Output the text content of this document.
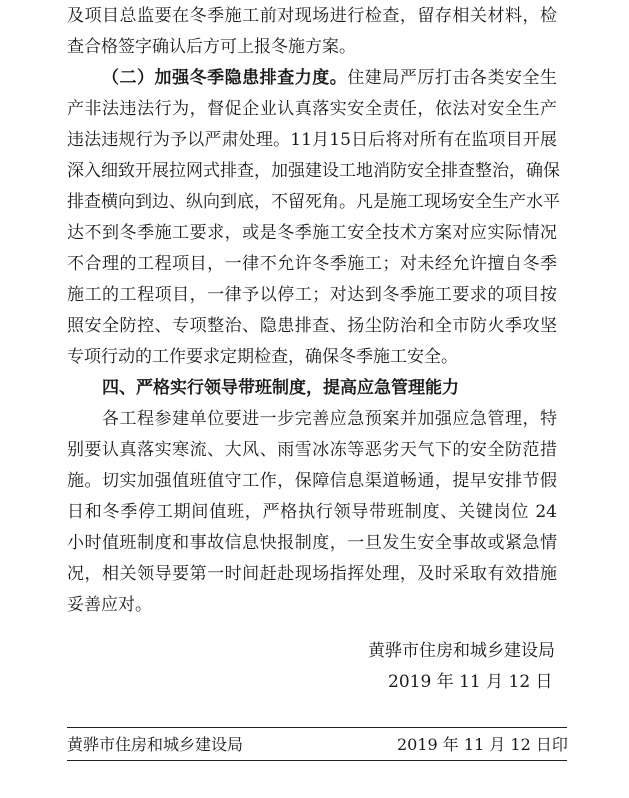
及项目总监要在冬季施工前对现场进行检查，留存相关材料，检
查合格签字确认后方可上报冬施方案。
（二）加强冬季隐患排查力度。住建局严厉打击各类安全生
产非法违法行为，督促企业认真落实安全责任，依法对安全生产
违法违规行为予以严肃处理。11月15日后将对所有在监项目开展
深入细致开展拉网式排查，加强建设工地消防安全排查整治，确保
排查横向到边、纵向到底，不留死角。凡是施工现场安全生产水平
达不到冬季施工要求，或是冬季施工安全技术方案对应实际情况
不合理的工程项目，一律不允许冬季施工；对未经允许擅自冬季
施工的工程项目，一律予以停工；对达到冬季施工要求的项目按
照安全防控、专项整治、隐患排查、扬尘防治和全市防火季攻坚
专项行动的工作要求定期检查，确保冬季施工安全。
四、严格实行领导带班制度，提高应急管理能力
各工程参建单位要进一步完善应急预案并加强应急管理，特
别要认真落实寒流、大风、雨雪冰冻等恶劣天气下的安全防范措
施。切实加强值班值守工作，保障信息渠道畅通，提早安排节假
日和冬季停工期间值班，严格执行领导带班制度、关键岗位 24
小时值班制度和事故信息快报制度，一旦发生安全事故或紧急情
况，相关领导要第一时间赶赴现场指挥处理，及时采取有效措施
妥善应对。
黄骅市住房和城乡建设局
2019 年 11 月 12 日
黄骅市住房和城乡建设局	2019 年 11 月 12 日印
